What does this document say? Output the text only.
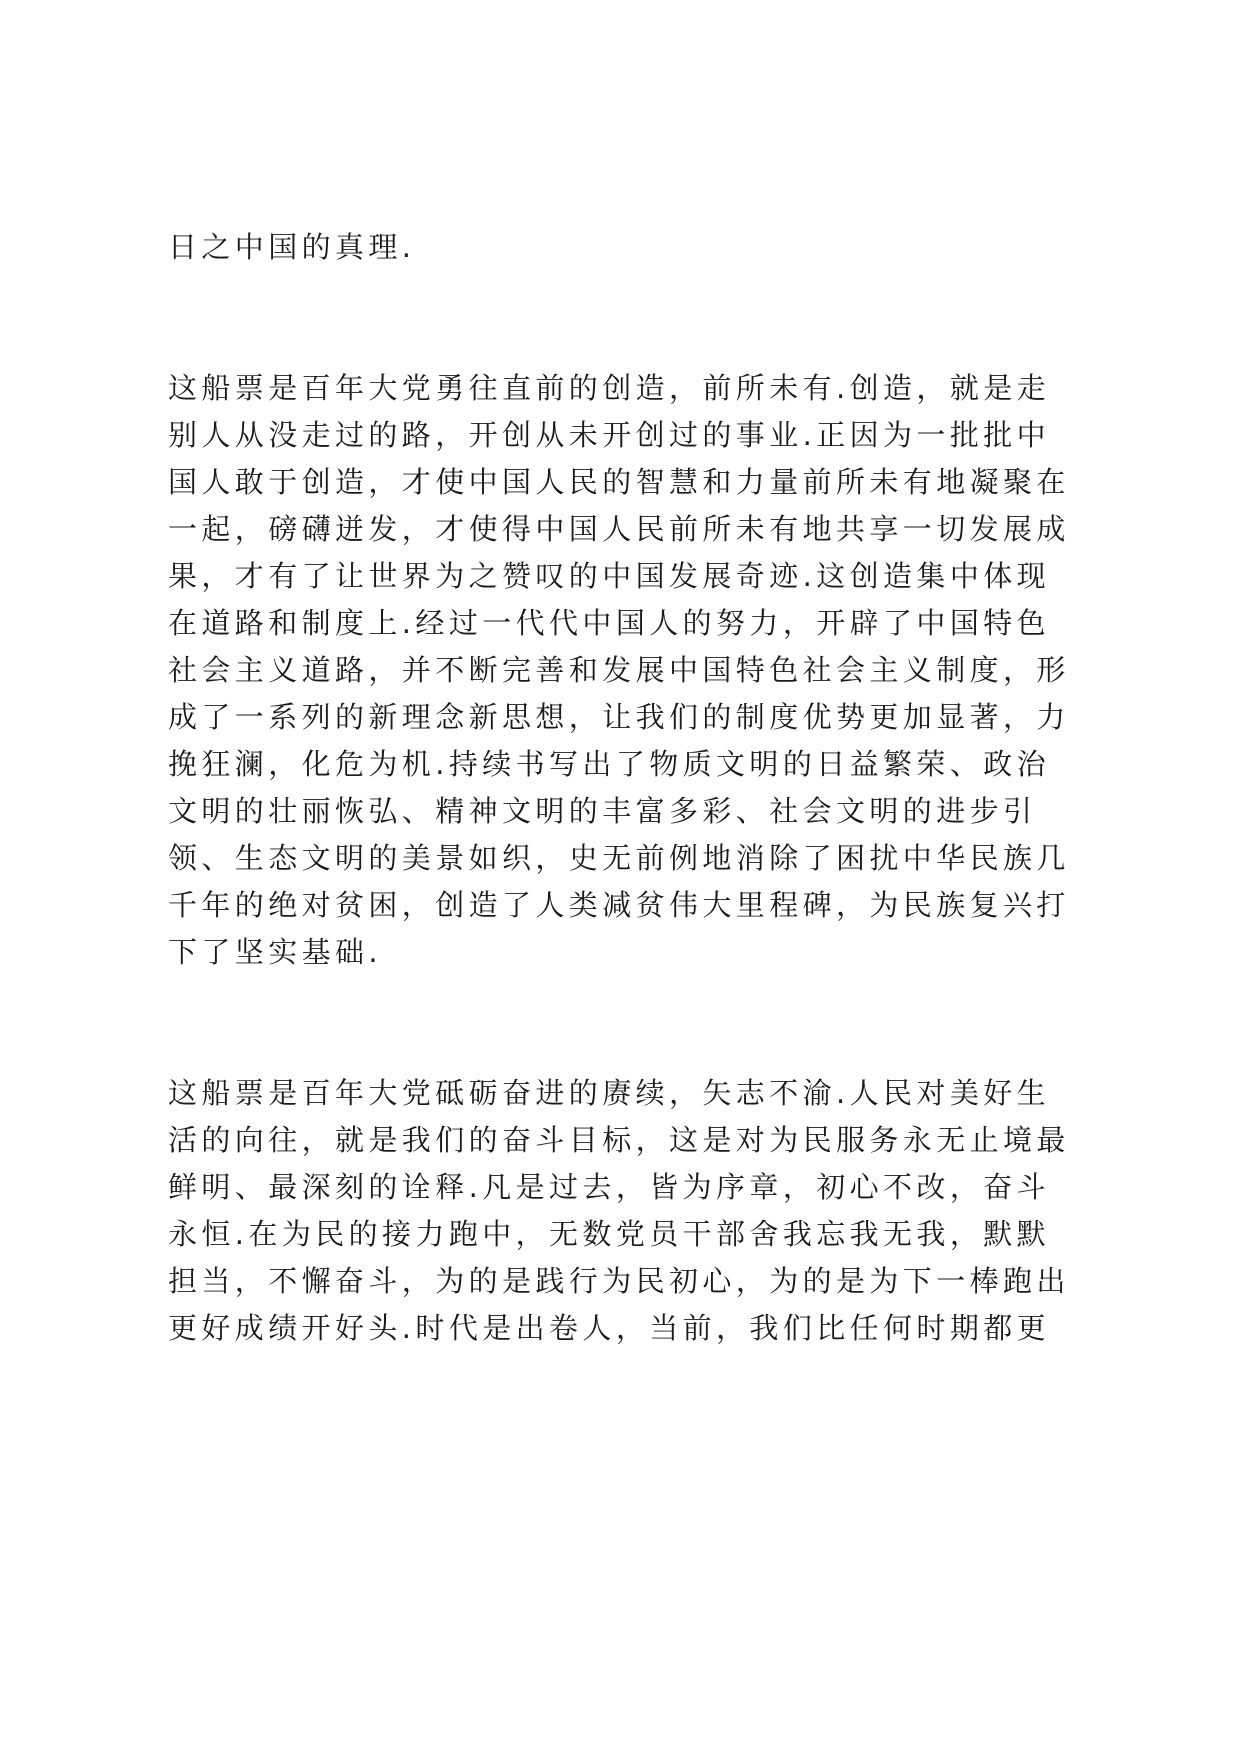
日之中国的真理.
这船票是百年大党勇往直前的创造，前所未有.创造，就是走
别人从没走过的路，开创从未开创过的事业.正因为一批批中
国人敢于创造，才使中国人民的智慧和力量前所未有地凝聚在
一起，磅礴迸发，才使得中国人民前所未有地共享一切发展成
果，才有了让世界为之赞叹的中国发展奇迹.这创造集中体现
在道路和制度上.经过一代代中国人的努力，开辟了中国特色
社会主义道路，并不断完善和发展中国特色社会主义制度，形
成了一系列的新理念新思想，让我们的制度优势更加显著，力
挽狂澜，化危为机.持续书写出了物质文明的日益繁荣、政治
文明的壮丽恢弘、精神文明的丰富多彩、社会文明的进步引
领、生态文明的美景如织，史无前例地消除了困扰中华民族几
千年的绝对贫困，创造了人类减贫伟大里程碑，为民族复兴打
下了坚实基础.
这船票是百年大党砥砺奋进的赓续，矢志不渝.人民对美好生
活的向往，就是我们的奋斗目标，这是对为民服务永无止境最
鲜明、最深刻的诠释.凡是过去，皆为序章，初心不改，奋斗
永恒.在为民的接力跑中，无数党员干部舍我忘我无我，默默
担当，不懈奋斗，为的是践行为民初心，为的是为下一棒跑出
更好成绩开好头.时代是出卷人，当前，我们比任何时期都更
